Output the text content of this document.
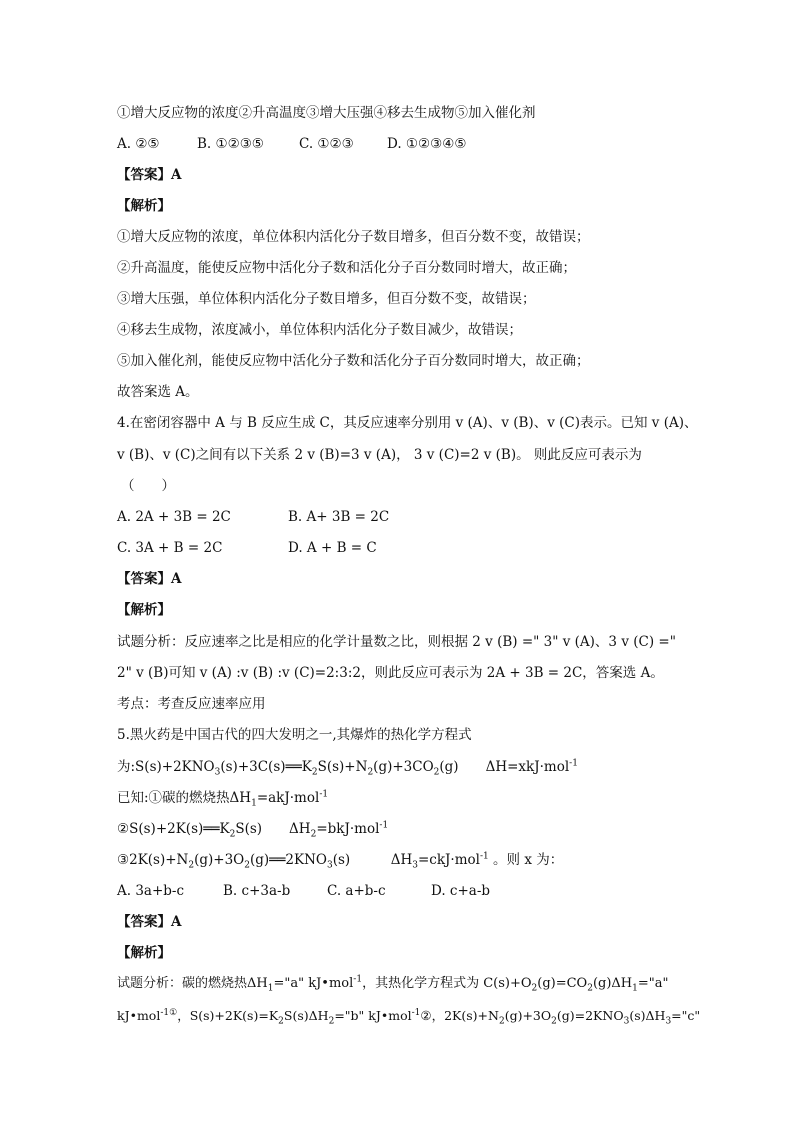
①增大反应物的浓度②升高温度③增大压强④移去生成物⑤加入催化剂
A. ②⑤	B. ①②③⑤	C. ①②③ D. ①②③④⑤
【答案】A
【解析】
①增大反应物的浓度，单位体积内活化分子数目增多，但百分数不变，故错误；
②升高温度，能使反应物中活化分子数和活化分子百分数同时增大，故正确；
③增大压强，单位体积内活化分子数目增多，但百分数不变，故错误；
④移去生成物，浓度减小，单位体积内活化分子数目减少，故错误；
⑤加入催化剂，能使反应物中活化分子数和活化分子百分数同时增大，故正确；
故答案选 A。
4.在密闭容器中 A 与 B 反应生成 C，其反应速率分别用 v (A)、v (B)、v (C)表示。已知 v (A)、
v (B)、v (C)之间有以下关系 2 v (B)=3 v (A)， 3 v (C)=2 v (B)。 则此反应可表示为
（　　）
A. 2A + 3B = 2C	B. A+ 3B = 2C
C. 3A + B = 2C	D. A + B = C
【答案】A
【解析】
试题分析：反应速率之比是相应的化学计量数之比，则根据 2 v (B) =" 3" v (A)、3 v (C) ="
2" v (B)可知 v (A) :v (B) :v (C)=2:3:2，则此反应可表示为 2A + 3B = 2C，答案选 A。
考点：考查反应速率应用
5.黑火药是中国古代的四大发明之一,其爆炸的热化学方程式
为$:S(s)+2KNO_3(s)+3C(s)══K_2S(s)+N_2(g)+3CO_2(g)$　　ΔH=xkJ·mol$^{-1}$
已知:①碳的燃烧热$\Delta H_1=akJ\cdot mol^{-1}$
$②S(s)+2K(s)══K_2S(s)$　　$\Delta H_2=bkJ\cdot mol^{-1}$
$③2K(s)+N_2(g)+3O_2(g)══2KNO_3(s)$　　　$\Delta H_3=ckJ\cdot mol^{-1}$ 。则 x 为：
A. 3a+b-c	B. c+3a-b	C. a+b-c	D. c+a-b
【答案】A
【解析】
试题分析：碳的燃烧热$\Delta H_1="a$" kJ•mol$^{-1}$，其热化学方程式为 $C(s)+O_2(g)=CO_2(g)\Delta H_1="a$"
kJ•mol$^{-1①}$，$S(s)+2K(s)=K_2S(s)\Delta H_2="b$" kJ•mol$^{-1}$②，$2K(s)+N_2(g)+3O_2(g)=2KNO_3(s)\Delta H_3="c$"
